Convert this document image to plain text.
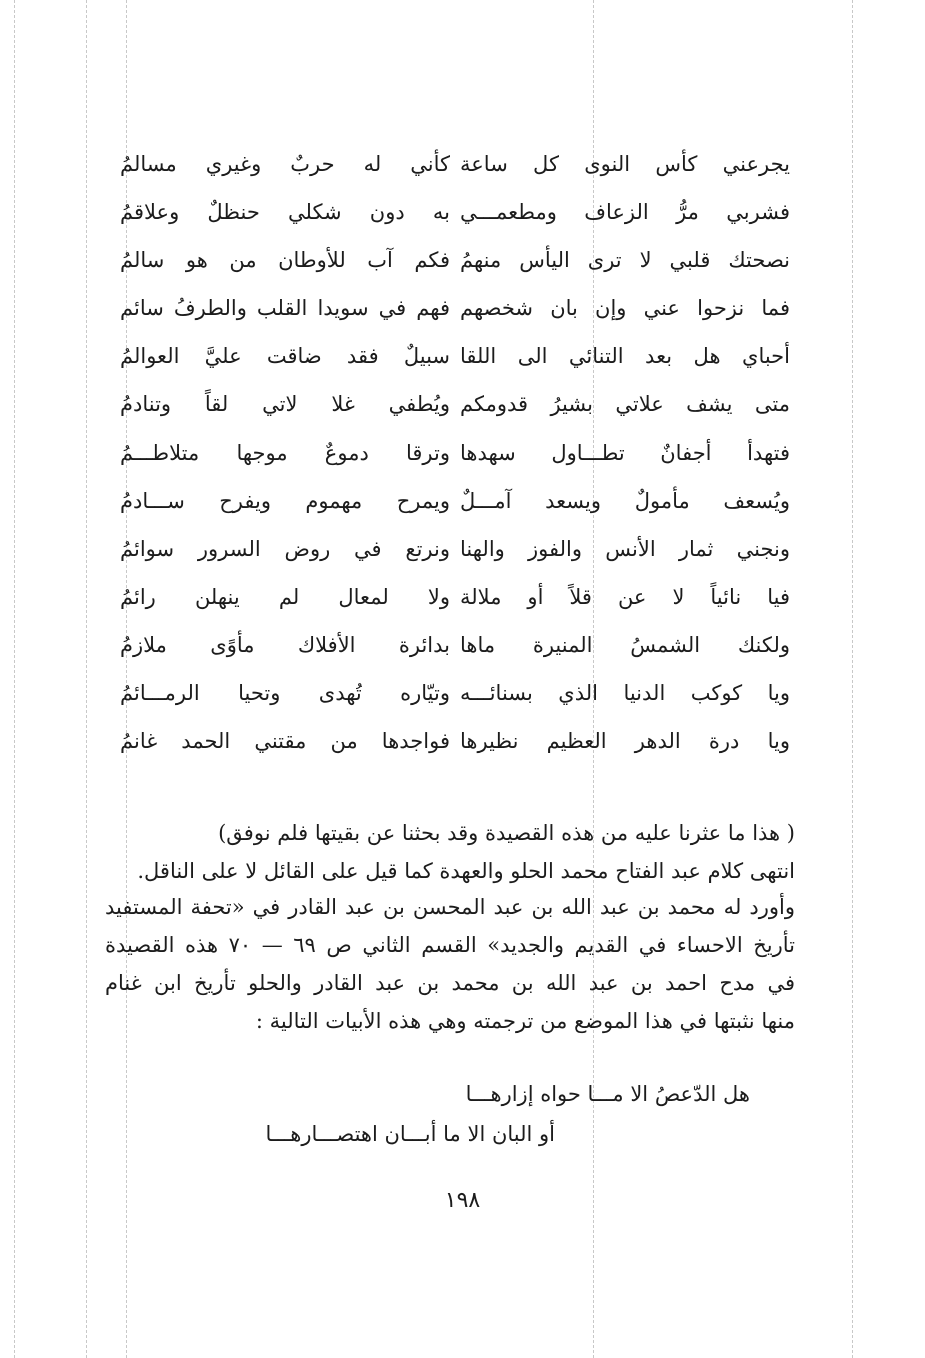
يجرعني كأس النوى كل ساعة
فشربي مرُّ الزعاف ومطعمـــي
نصحتك قلبي لا ترى اليأس منهمُ
فما نزحوا عني وإن بان شخصهم
أحباي هل بعد التنائي الى اللقا
متى يشف علاتي بشيرُ قدومكم
فتهدأ أجفانٌ تطـــاول سهدها
ويُسعف مأمولٌ ويسعد آمـــلٌ
ونجني ثمار الأنس والفوز والهنا
فيا نائياً لا عن قلاً أو ملالة
ولكنك الشمسُ المنيرة ماها
ويا كوكب الدنيا الذي بسنائـــه
ويا درة الدهر العظيم نظيرها
كأني له حربٌ وغيري مسالمُ
به دون شكلي حنظلٌ وعلاقمُ
فكم آب للأوطان من هو سالمُ
فهم في سويدا القلب والطرفُ سائم
سبيلٌ فقد ضاقت عليَّ العوالمُ
ويُطفي غلا لاتي لقاً وتنادمُ
وترقا دموعٌ موجها متلاطـــمُ
ويمرح مهموم ويفرح ســـادمُ
ونرتع في روض السرور سوائمُ
ولا لمعال لم ينهلن رائمُ
بدائرة الأفلاك مأوًى ملازمُ
وتيّاره تُهدى وتحيا الرمـــائمُ
فواجدها من مقتني الحمد غانمُ
( هذا ما عثرنا عليه من هذه القصيدة وقد بحثنا عن بقيتها فلم نوفق)
انتهى كلام عبد الفتاح محمد الحلو والعهدة كما قيل على القائل لا على الناقل.
وأورد له محمد بن عبد الله بن عبد المحسن بن عبد القادر في «تحفة المستفيد
تأريخ الاحساء في القديم والجديد» القسم الثاني ص ٦٩ — ٧٠ هذه القصيدة
في مدح احمد بن عبد الله بن محمد بن عبد القادر والحلو تأريخ ابن غنام
منها نثبتها في هذا الموضع من ترجمته وهي هذه الأبيات التالية :
هل الدّعصُ الا مـــا حواه إزارهـــا
أو البان الا ما أبـــان اهتصـــارهـــا
١٩٨
